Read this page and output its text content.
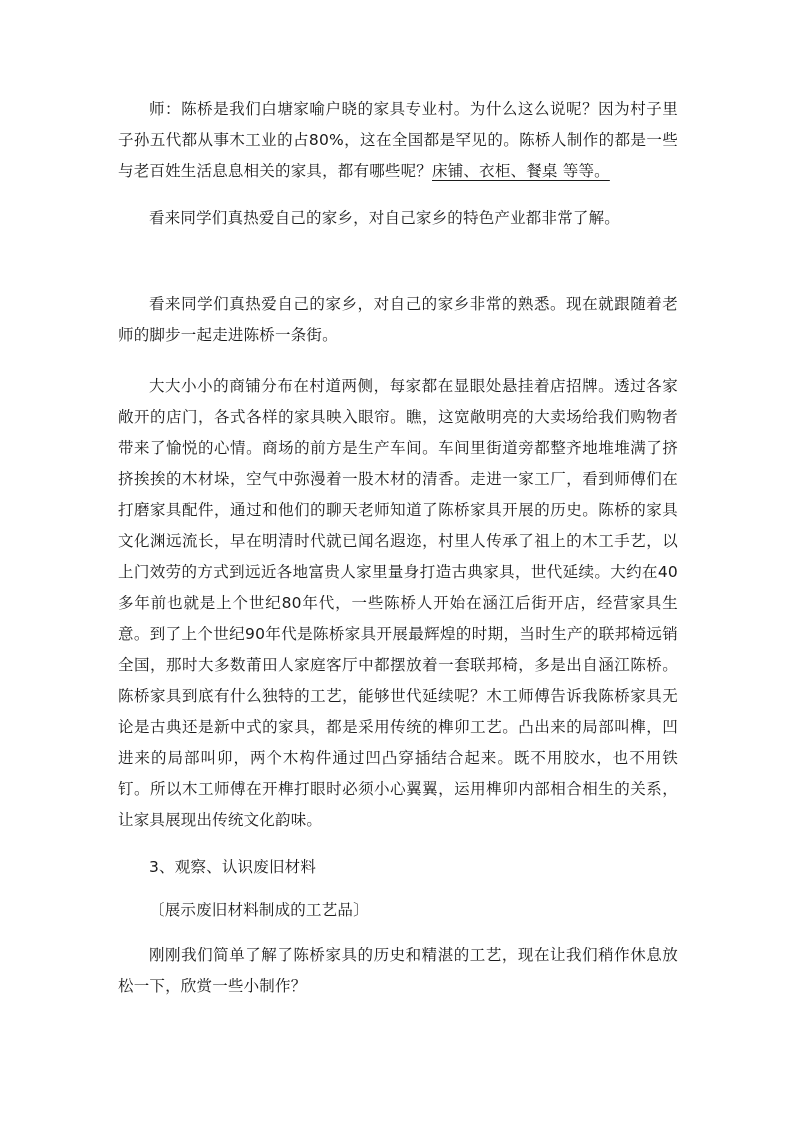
师：陈桥是我们白塘家喻户晓的家具专业村。为什么这么说呢？因为村子里子孙五代都从事木工业的占80%，这在全国都是罕见的。陈桥人制作的都是一些与老百姓生活息息相关的家具，都有哪些呢？床铺、衣柜、餐桌 等等。

看来同学们真热爱自己的家乡，对自己家乡的特色产业都非常了解。

看来同学们真热爱自己的家乡，对自己的家乡非常的熟悉。现在就跟随着老师的脚步一起走进陈桥一条街。

大大小小的商铺分布在村道两侧，每家都在显眼处悬挂着店招牌。透过各家敞开的店门，各式各样的家具映入眼帘。瞧，这宽敞明亮的大卖场给我们购物者带来了愉悦的心情。商场的前方是生产车间。车间里街道旁都整齐地堆堆满了挤挤挨挨的木材垛，空气中弥漫着一股木材的清香。走进一家工厂，看到师傅们在打磨家具配件，通过和他们的聊天老师知道了陈桥家具开展的历史。陈桥的家具文化渊远流长，早在明清时代就已闻名遐迩，村里人传承了祖上的木工手艺，以上门效劳的方式到远近各地富贵人家里量身打造古典家具，世代延续。大约在40多年前也就是上个世纪80年代，一些陈桥人开始在涵江后街开店，经营家具生意。到了上个世纪90年代是陈桥家具开展最辉煌的时期，当时生产的联邦椅远销全国，那时大多数莆田人家庭客厅中都摆放着一套联邦椅，多是出自涵江陈桥。陈桥家具到底有什么独特的工艺，能够世代延续呢？木工师傅告诉我陈桥家具无论是古典还是新中式的家具，都是采用传统的榫卯工艺。凸出来的局部叫榫，凹进来的局部叫卯，两个木构件通过凹凸穿插结合起来。既不用胶水，也不用铁钉。所以木工师傅在开榫打眼时必须小心翼翼，运用榫卯内部相合相生的关系，让家具展现出传统文化韵味。

3、观察、认识废旧材料

〔展示废旧材料制成的工艺品〕

刚刚我们简单了解了陈桥家具的历史和精湛的工艺，现在让我们稍作休息放松一下，欣赏一些小制作？
